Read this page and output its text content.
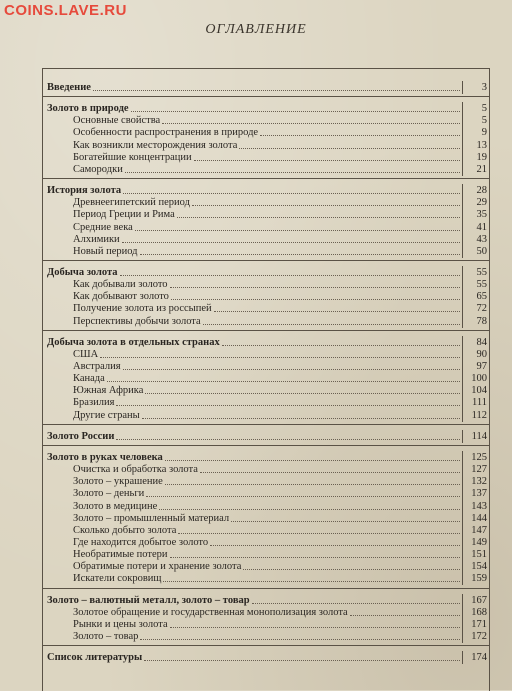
COINS.LAVE.RU
ОГЛАВЛЕНИЕ
Введение	3
Золото в природе	5
Основные свойства	5
Особенности распространения в природе	9
Как возникли месторождения золота	13
Богатейшие концентрации	19
Самородки	21
История золота	28
Древнеегипетский период	29
Период Греции и Рима	35
Средние века	41
Алхимики	43
Новый период	50
Добыча золота	55
Как добывали золото	55
Как добывают золото	65
Получение золота из россыпей	72
Перспективы добычи золота	78
Добыча золота в отдельных странах	84
США	90
Австралия	97
Канада	100
Южная Африка	104
Бразилия	111
Другие страны	112
Золото России	114
Золото в руках человека	125
Очистка и обработка золота	127
Золото – украшение	132
Золото – деньги	137
Золото в медицине	143
Золото – промышленный материал	144
Сколько добыто золота	147
Где находится добытое золото	149
Необратимые потери	151
Обратимые потери и хранение золота	154
Искатели сокровищ	159
Золото – валютный металл, золото – товар	167
Золотое обращение и государственная монополизация золота	168
Рынки и цены золота	171
Золото – товар	172
Список литературы	174
